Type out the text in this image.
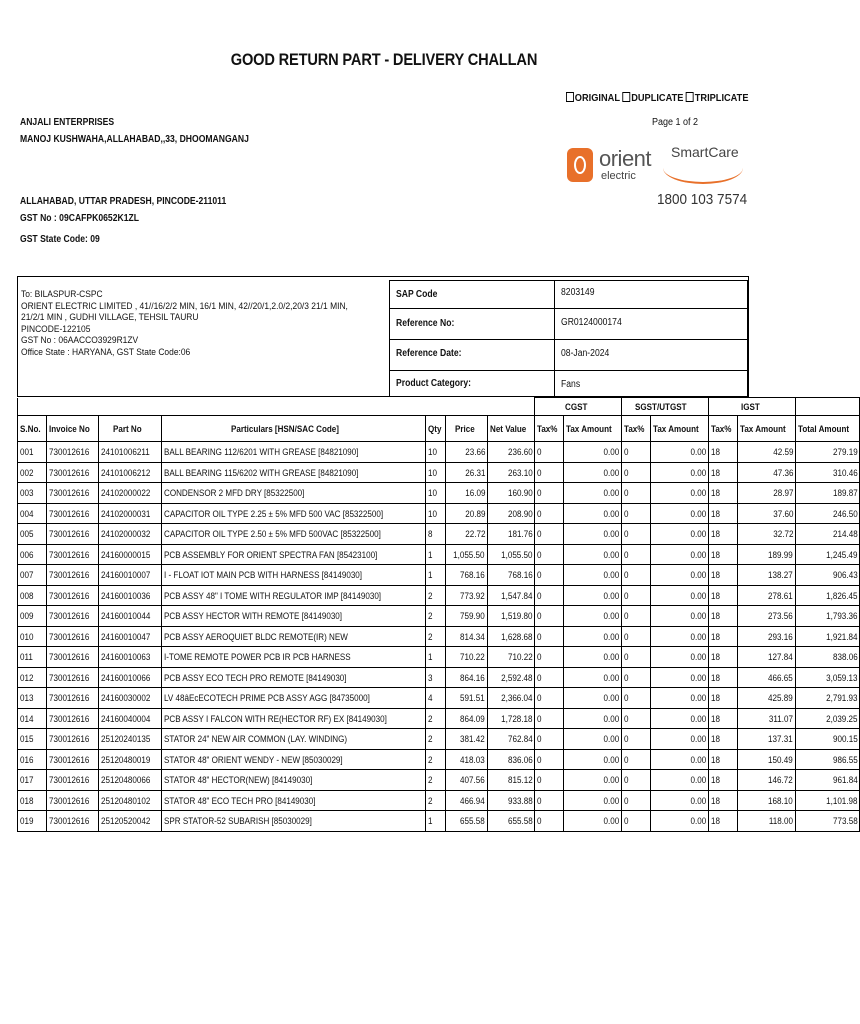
GOOD RETURN PART - DELIVERY CHALLAN
ORIGINAL DUPLICATE TRIPLICATE
Page 1 of 2
ANJALI ENTERPRISES
MANOJ KUSHWAHA,ALLAHABAD,,33, DHOOMANGANJ
ALLAHABAD, UTTAR PRADESH, PINCODE-211011
GST No : 09CAFPK0652K1ZL
GST State Code: 09
orient
electric
SmartCare
1800 103 7574
To: BILASPUR-CSPC
ORIENT ELECTRIC LIMITED , 41//16/2/2 MIN, 16/1 MIN, 42//20/1,2.0/2,20/3 21/1 MIN,
21/2/1 MIN , GUDHI VILLAGE, TEHSIL TAURU
PINCODE-122105
GST No : 06AACCO3929R1ZV
Office State : HARYANA, GST State Code:06
SAP Code	8203149
Reference No:	GR0124000174
Reference Date:	08-Jan-2024
Product Category:	Fans
							CGST		SGST/UTGST		IGST		
S.No.	Invoice No	Part No	Particulars [HSN/SAC Code]	Qty	Price	Net Value	Tax%	Tax Amount	Tax%	Tax Amount	Tax%	Tax Amount	Total Amount
001	730012616	24101006211	BALL BEARING 112/6201 WITH GREASE [84821090]	10	23.66	236.60	0	0.00	0	0.00	18	42.59	279.19
002	730012616	24101006212	BALL BEARING 115/6202 WITH GREASE [84821090]	10	26.31	263.10	0	0.00	0	0.00	18	47.36	310.46
003	730012616	24102000022	CONDENSOR 2 MFD DRY [85322500]	10	16.09	160.90	0	0.00	0	0.00	18	28.97	189.87
004	730012616	24102000031	CAPACITOR OIL TYPE 2.25 ± 5% MFD 500 VAC [85322500]	10	20.89	208.90	0	0.00	0	0.00	18	37.60	246.50
005	730012616	24102000032	CAPACITOR OIL TYPE 2.50 ± 5% MFD 500VAC [85322500]	8	22.72	181.76	0	0.00	0	0.00	18	32.72	214.48
006	730012616	24160000015	PCB ASSEMBLY FOR ORIENT SPECTRA FAN [85423100]	1	1,055.50	1,055.50	0	0.00	0	0.00	18	189.99	1,245.49
007	730012616	24160010007	I - FLOAT IOT MAIN PCB WITH HARNESS [84149030]	1	768.16	768.16	0	0.00	0	0.00	18	138.27	906.43
008	730012616	24160010036	PCB ASSY 48" I TOME WITH REGULATOR IMP [84149030]	2	773.92	1,547.84	0	0.00	0	0.00	18	278.61	1,826.45
009	730012616	24160010044	PCB ASSY HECTOR WITH REMOTE [84149030]	2	759.90	1,519.80	0	0.00	0	0.00	18	273.56	1,793.36
010	730012616	24160010047	PCB ASSY AEROQUIET BLDC REMOTE(IR) NEW	2	814.34	1,628.68	0	0.00	0	0.00	18	293.16	1,921.84
011	730012616	24160010063	I-TOME REMOTE POWER PCB IR PCB HARNESS	1	710.22	710.22	0	0.00	0	0.00	18	127.84	838.06
012	730012616	24160010066	PCB ASSY ECO TECH PRO REMOTE [84149030]	3	864.16	2,592.48	0	0.00	0	0.00	18	466.65	3,059.13
013	730012616	24160030002	LV 48âEcECOTECH PRIME PCB ASSY AGG [84735000]	4	591.51	2,366.04	0	0.00	0	0.00	18	425.89	2,791.93
014	730012616	24160040004	PCB ASSY I FALCON WITH RE(HECTOR RF) EX [84149030]	2	864.09	1,728.18	0	0.00	0	0.00	18	311.07	2,039.25
015	730012616	25120240135	STATOR 24" NEW AIR COMMON (LAY. WINDING)	2	381.42	762.84	0	0.00	0	0.00	18	137.31	900.15
016	730012616	25120480019	STATOR 48" ORIENT WENDY - NEW [85030029]	2	418.03	836.06	0	0.00	0	0.00	18	150.49	986.55
017	730012616	25120480066	STATOR 48" HECTOR(NEW) [84149030]	2	407.56	815.12	0	0.00	0	0.00	18	146.72	961.84
018	730012616	25120480102	STATOR 48" ECO TECH PRO [84149030]	2	466.94	933.88	0	0.00	0	0.00	18	168.10	1,101.98
019	730012616	25120520042	SPR STATOR-52 SUBARISH [85030029]	1	655.58	655.58	0	0.00	0	0.00	18	118.00	773.58
